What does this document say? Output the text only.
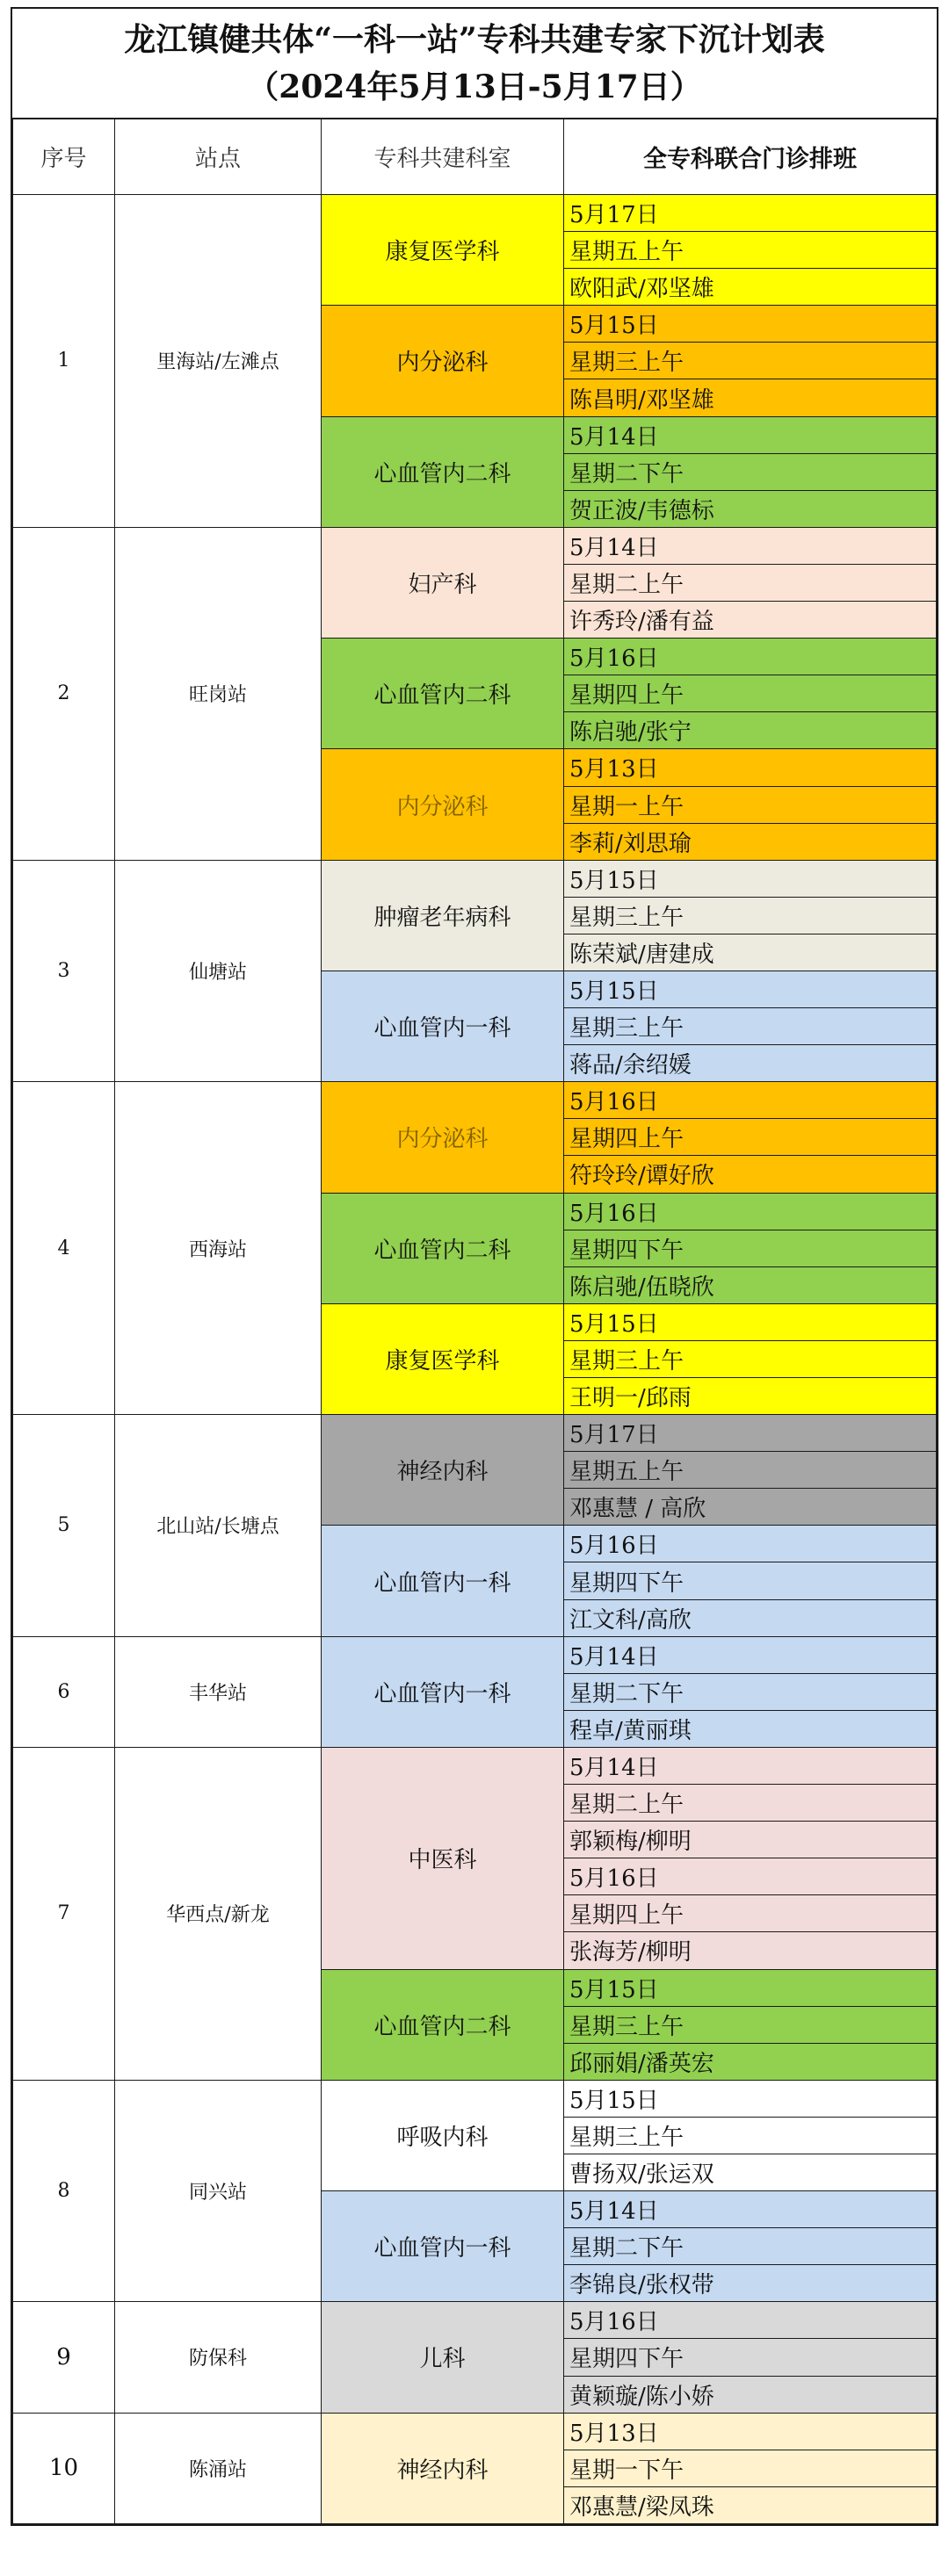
龙江镇健共体“一科一站”专科共建专家下沉计划表
（2024年5月13日-5月17日）
序号	站点	专科共建科室	全专科联合门诊排班
1	里海站/左滩点	康复医学科	5月17日
			星期五上午
			欧阳武/邓坚雄
		内分泌科	5月15日
			星期三上午
			陈昌明/邓坚雄
		心血管内二科	5月14日
			星期二下午
			贺正波/韦德标
2	旺岗站	妇产科	5月14日
			星期二上午
			许秀玲/潘有益
		心血管内二科	5月16日
			星期四上午
			陈启驰/张宁
		内分泌科	5月13日
			星期一上午
			李莉/刘思瑜
3	仙塘站	肿瘤老年病科	5月15日
			星期三上午
			陈荣斌/唐建成
		心血管内一科	5月15日
			星期三上午
			蒋品/余绍媛
4	西海站	内分泌科	5月16日
			星期四上午
			符玲玲/谭好欣
		心血管内二科	5月16日
			星期四下午
			陈启驰/伍晓欣
		康复医学科	5月15日
			星期三上午
			王明一/邱雨
5	北山站/长塘点	神经内科	5月17日
			星期五上午
			邓惠慧 / 高欣
		心血管内一科	5月16日
			星期四下午
			江文科/高欣
6	丰华站	心血管内一科	5月14日
			星期二下午
			程卓/黄丽琪
7	华西点/新龙	中医科	5月14日
			星期二上午
			郭颖梅/柳明
			5月16日
			星期四上午
			张海芳/柳明
		心血管内二科	5月15日
			星期三上午
			邱丽娟/潘英宏
8	同兴站	呼吸内科	5月15日
			星期三上午
			曹扬双/张运双
		心血管内一科	5月14日
			星期二下午
			李锦良/张权带
9	防保科	儿科	5月16日
			星期四下午
			黄颖璇/陈小娇
10	陈涌站	神经内科	5月13日
			星期一下午
			邓惠慧/梁凤珠
